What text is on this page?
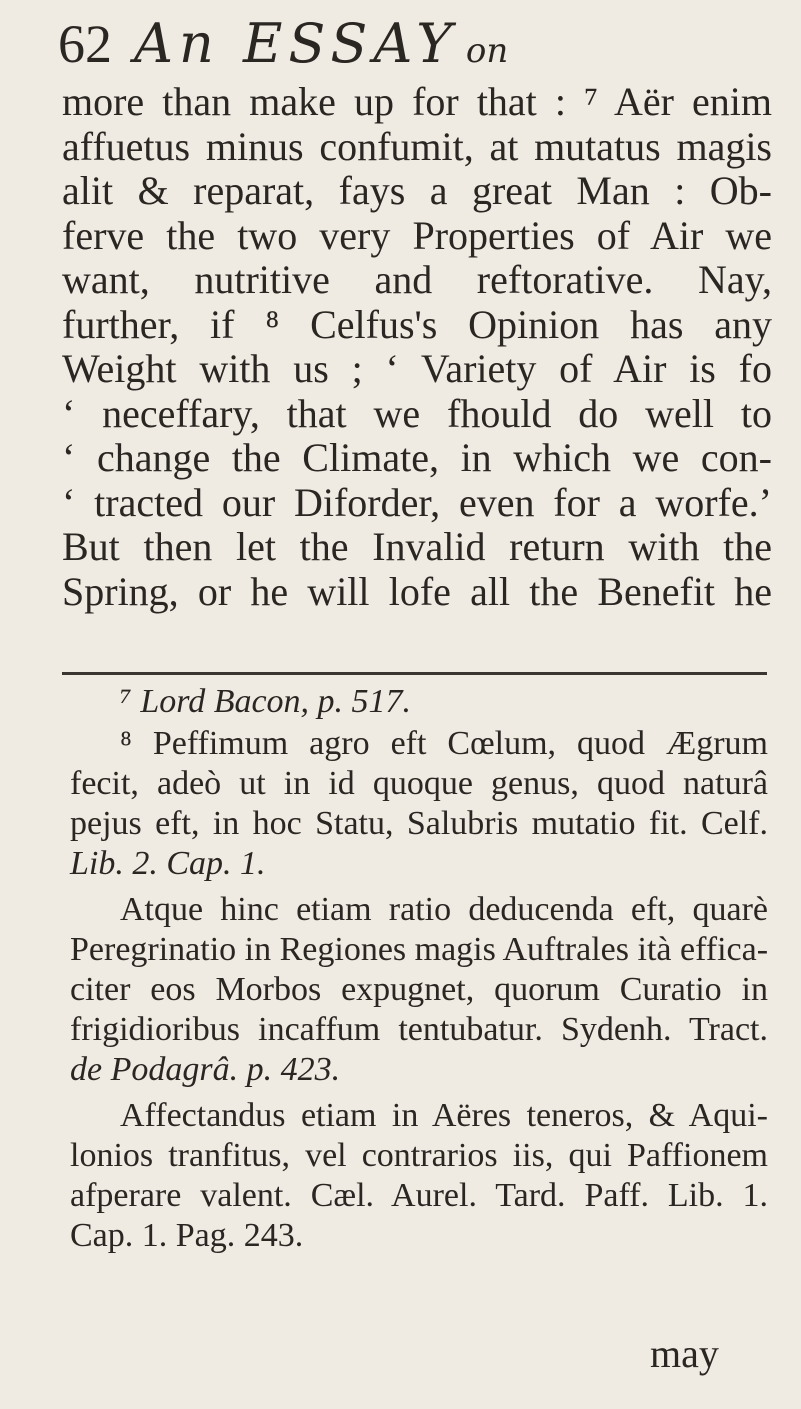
62 An ESSAY on
more than make up for that : ⁷ Aër enim
affuetus minus confumit, at mutatus magis
alit & reparat, fays a great Man : Ob-
ferve the two very Properties of Air we
want, nutritive and reftorative. Nay,
further, if ⁸ Celfus's Opinion has any
Weight with us ; ‘ Variety of Air is fo
‘ neceffary, that we fhould do well to
‘ change the Climate, in which we con-
‘ tracted our Diforder, even for a worfe.’
But then let the Invalid return with the
Spring, or he will lofe all the Benefit he
⁷ Lord Bacon, p. 517.
⁸ Peffimum agro eft Cœlum, quod Ægrum
fecit, adeò ut in id quoque genus, quod naturâ
pejus eft, in hoc Statu, Salubris mutatio fit. Celf.
Lib. 2. Cap. 1.
Atque hinc etiam ratio deducenda eft, quarè
Peregrinatio in Regiones magis Auftrales ità effica-
citer eos Morbos expugnet, quorum Curatio in
frigidioribus incaffum tentubatur. Sydenh. Tract.
de Podagrâ. p. 423.
Affectandus etiam in Aëres teneros, & Aqui-
lonios tranfitus, vel contrarios iis, qui Paffionem
afperare valent. Cæl. Aurel. Tard. Paff. Lib. 1.
Cap. 1. Pag. 243.
may
